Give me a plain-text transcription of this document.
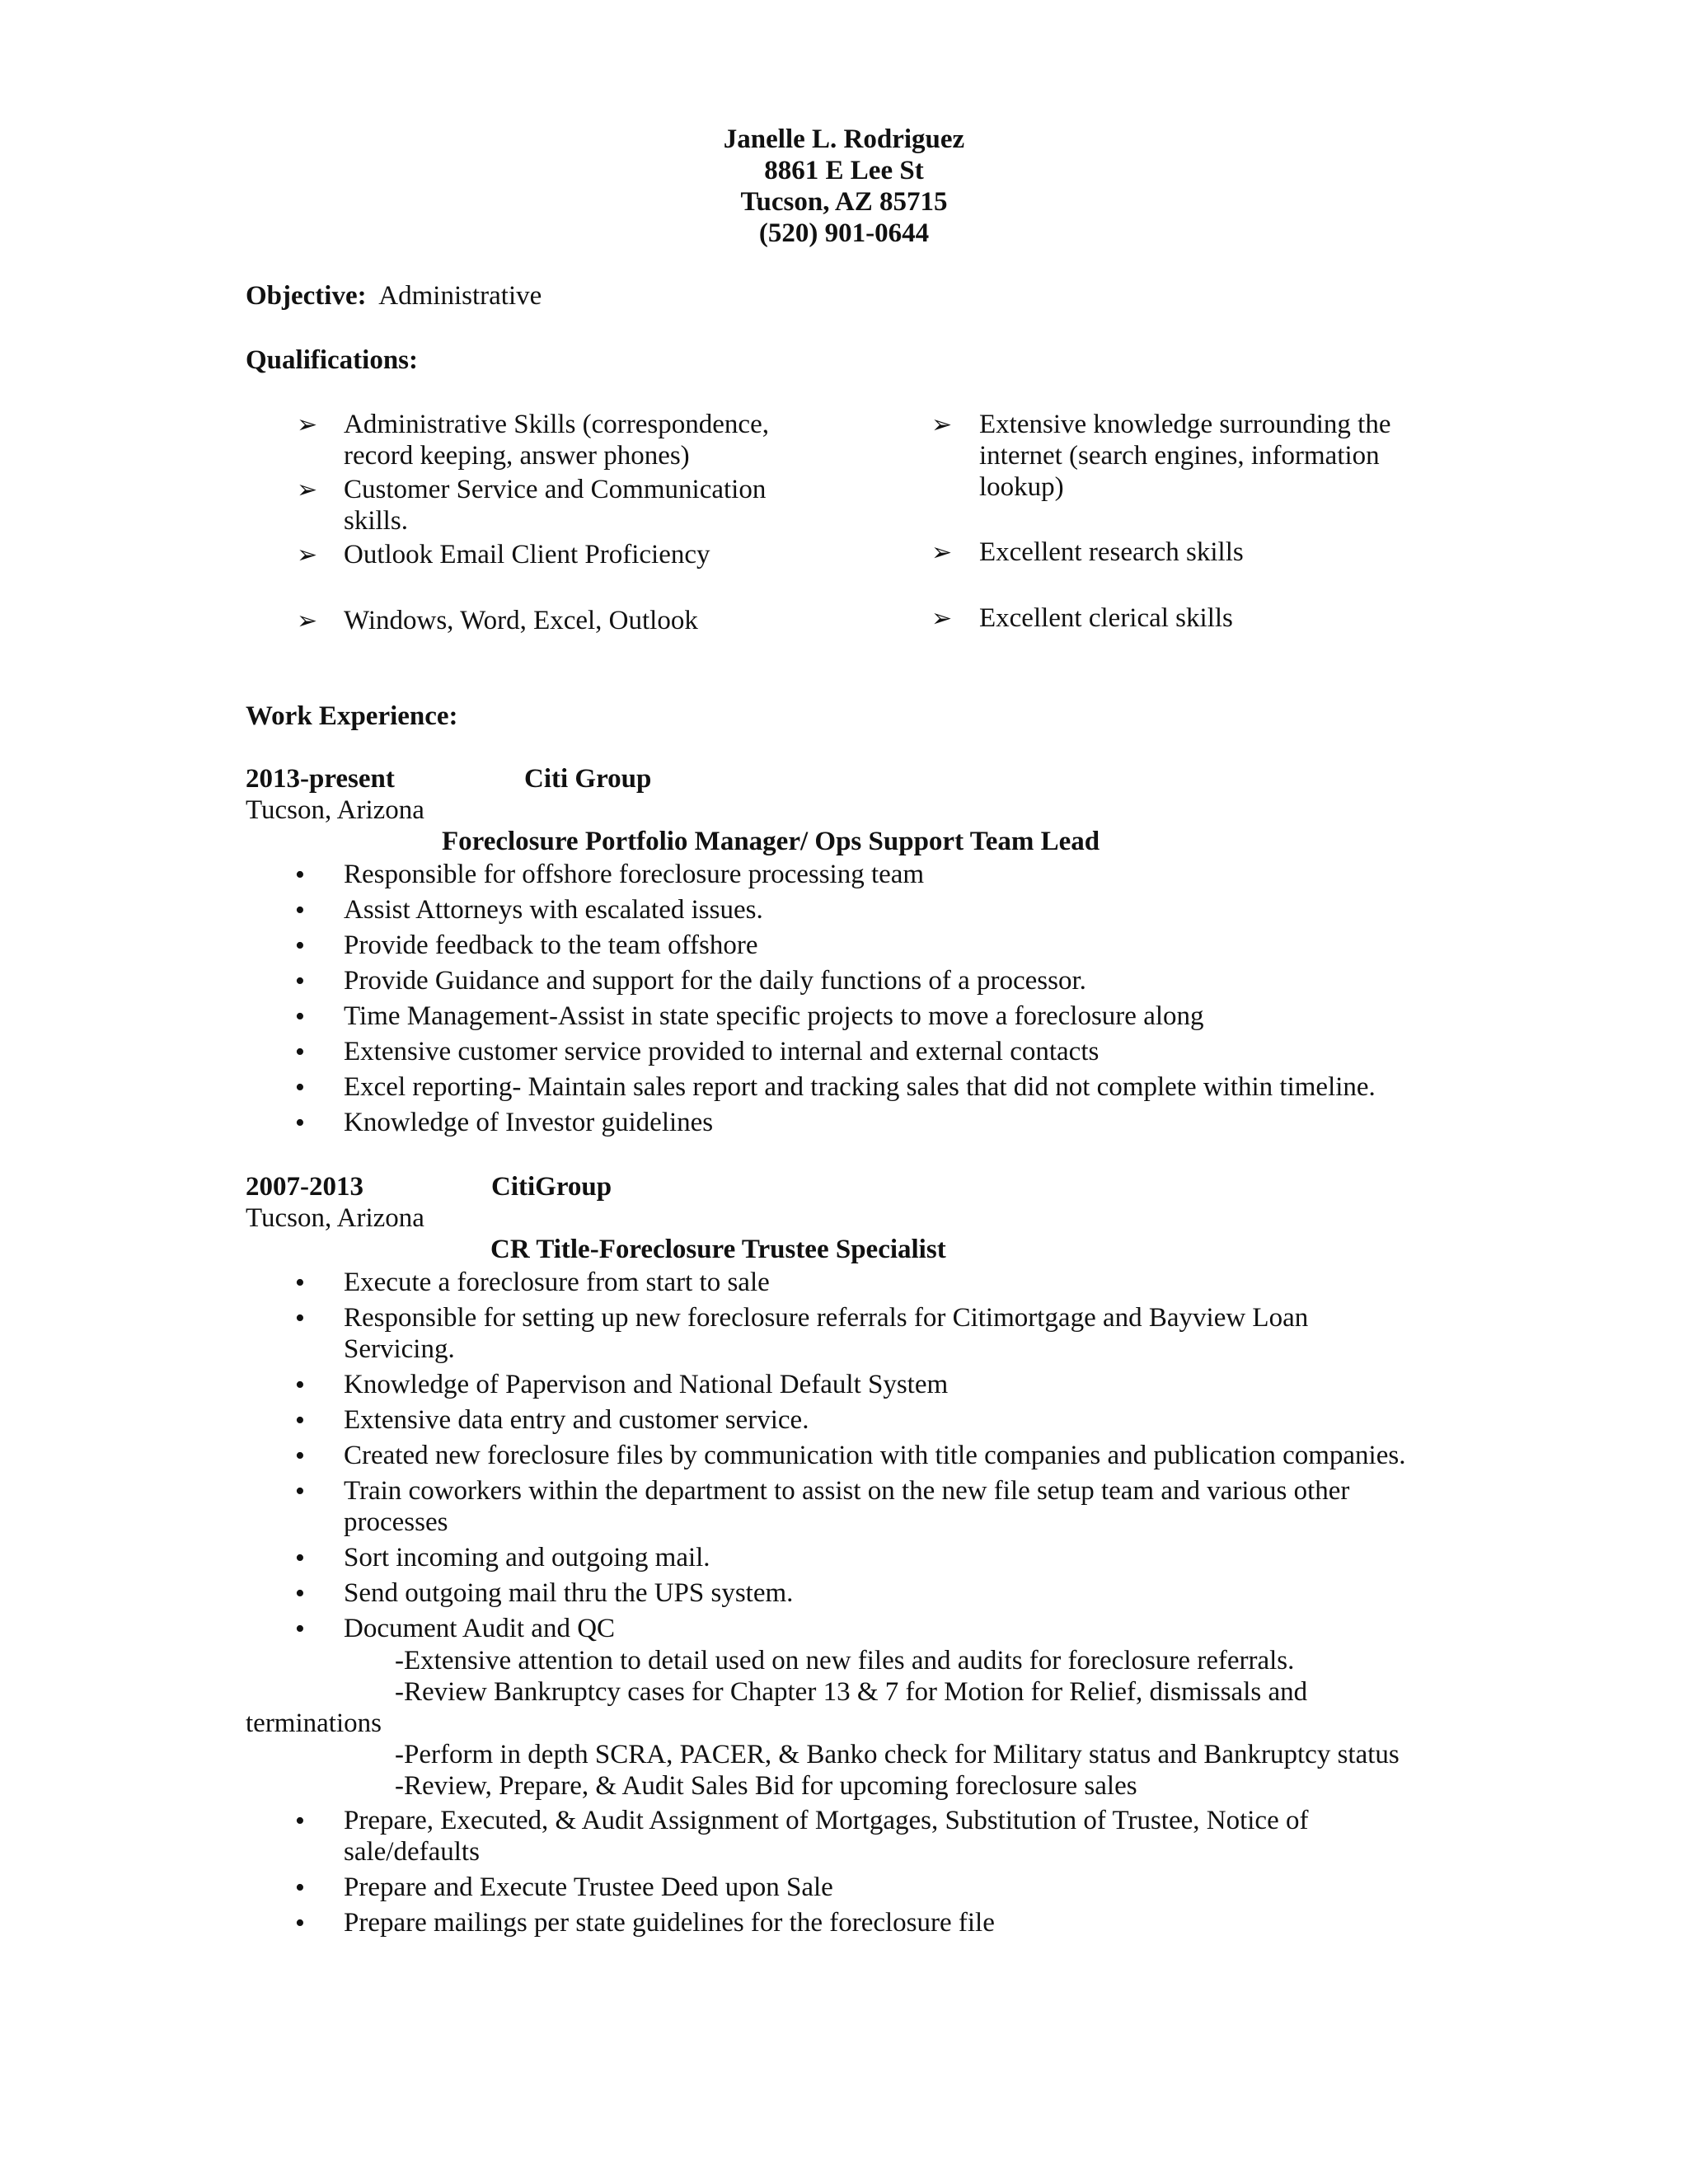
Janelle L. Rodriguez
8861 E Lee St
Tucson, AZ 85715
(520) 901-0644
Objective: Administrative
Qualifications:
➢ Administrative Skills (correspondence,
record keeping, answer phones)
➢ Customer Service and Communication
skills.
➢ Outlook Email Client Proficiency
➢ Windows, Word, Excel, Outlook
➢ Extensive knowledge surrounding the
internet (search engines, information
lookup)
➢ Excellent research skills
➢ Excellent clerical skills
Work Experience:
2013-present	Citi Group
Tucson, Arizona
Foreclosure Portfolio Manager/ Ops Support Team Lead
• Responsible for offshore foreclosure processing team
• Assist Attorneys with escalated issues.
• Provide feedback to the team offshore
• Provide Guidance and support for the daily functions of a processor.
• Time Management-Assist in state specific projects to move a foreclosure along
• Extensive customer service provided to internal and external contacts
• Excel reporting- Maintain sales report and tracking sales that did not complete within timeline.
• Knowledge of Investor guidelines
2007-2013	CitiGroup
Tucson, Arizona
CR Title-Foreclosure Trustee Specialist
• Execute a foreclosure from start to sale
• Responsible for setting up new foreclosure referrals for Citimortgage and Bayview Loan
Servicing.
• Knowledge of Papervison and National Default System
• Extensive data entry and customer service.
• Created new foreclosure files by communication with title companies and publication companies.
• Train coworkers within the department to assist on the new file setup team and various other
processes
• Sort incoming and outgoing mail.
• Send outgoing mail thru the UPS system.
• Document Audit and QC
-Extensive attention to detail used on new files and audits for foreclosure referrals.
-Review Bankruptcy cases for Chapter 13 & 7 for Motion for Relief, dismissals and
terminations
-Perform in depth SCRA, PACER, & Banko check for Military status and Bankruptcy status
-Review, Prepare, & Audit Sales Bid for upcoming foreclosure sales
• Prepare, Executed, & Audit Assignment of Mortgages, Substitution of Trustee, Notice of
sale/defaults
• Prepare and Execute Trustee Deed upon Sale
• Prepare mailings per state guidelines for the foreclosure file
